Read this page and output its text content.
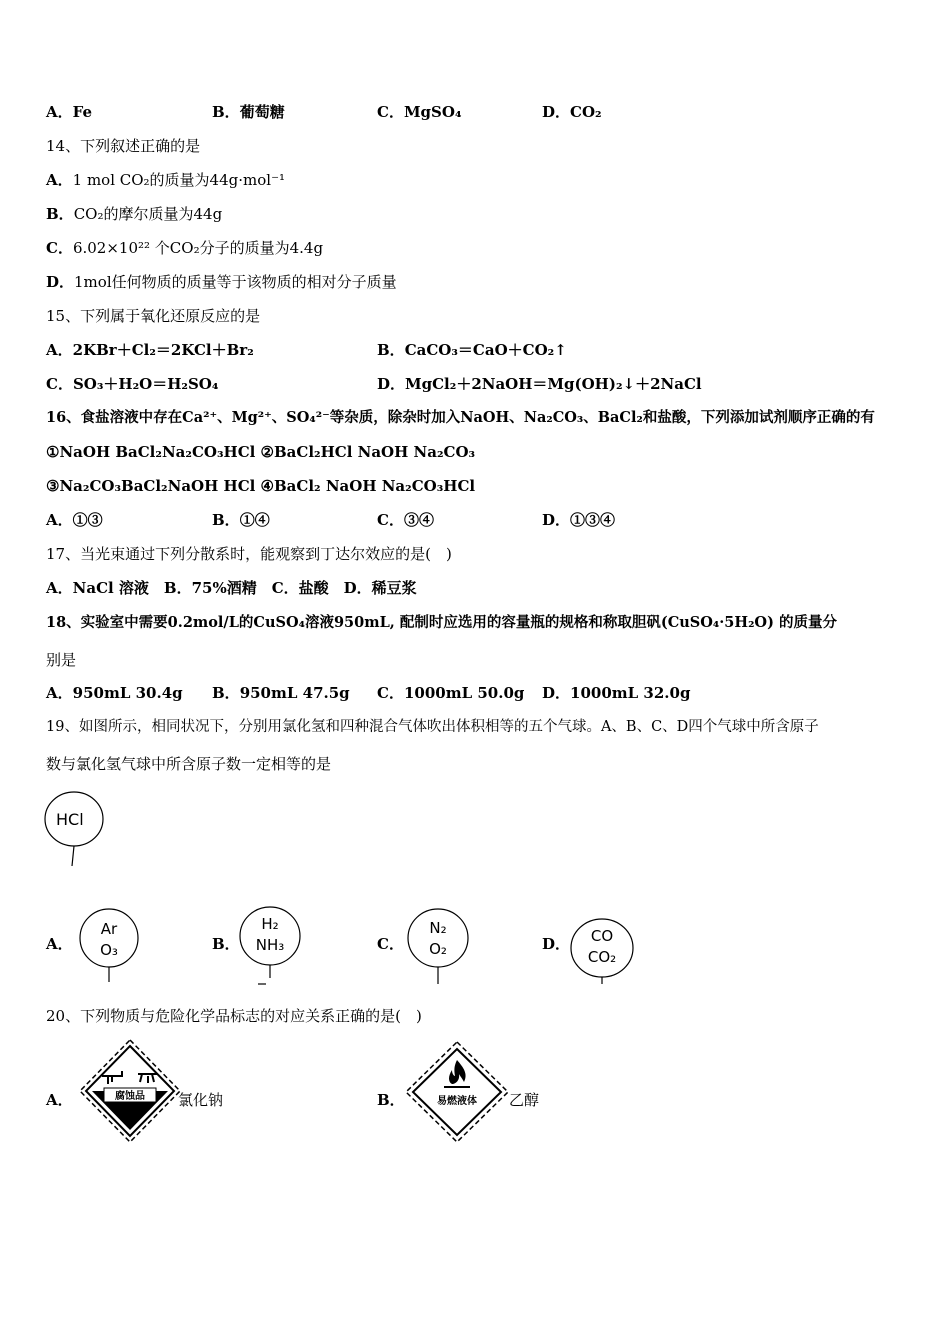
A．Fe	B．葡萄糖	C．MgSO₄	D．CO₂
14、下列叙述正确的是
A．1 mol CO₂的质量为44g·mol⁻¹
B．CO₂的摩尔质量为44g
C．6.02×10²² 个CO₂分子的质量为4.4g
D．1mol任何物质的质量等于该物质的相对分子质量
15、下列属于氧化还原反应的是
A．2KBr＋Cl₂＝2KCl＋Br₂	B．CaCO₃＝CaO＋CO₂↑
C．SO₃＋H₂O＝H₂SO₄	D．MgCl₂＋2NaOH＝Mg(OH)₂↓＋2NaCl
16、食盐溶液中存在Ca²⁺、Mg²⁺、SO₄²⁻等杂质，除杂时加入NaOH、Na₂CO₃、BaCl₂和盐酸，下列添加试剂顺序正确的有
①NaOH BaCl₂Na₂CO₃HCl ②BaCl₂HCl NaOH Na₂CO₃
③Na₂CO₃BaCl₂NaOH HCl ④BaCl₂ NaOH Na₂CO₃HCl
A．①③	B．①④	C．③④	D．①③④
17、当光束通过下列分散系时，能观察到丁达尔效应的是(　)
A．NaCl 溶液　B．75%酒精　C．盐酸　D．稀豆浆
18、实验室中需要0.2mol/L的CuSO₄溶液950mL, 配制时应选用的容量瓶的规格和称取胆矾(CuSO₄·5H₂O) 的质量分
别是
A．950mL 30.4g B．950mL 47.5g C．1000mL 50.0g D．1000mL 32.0g
19、如图所示，相同状况下，分别用氯化氢和四种混合气体吹出体积相等的五个气球。A、B、C、D四个气球中所含原子
数与氯化氢气球中所含原子数一定相等的是
HCl
A．
Ar
O₃	B．
H₂
NH₃	C．
N₂
O₂	D． CO
CO₂
20、下列物质与危险化学品标志的对应关系正确的是(　)
A．	腐蚀品 氯化钠	B．	易燃液体 乙醇
